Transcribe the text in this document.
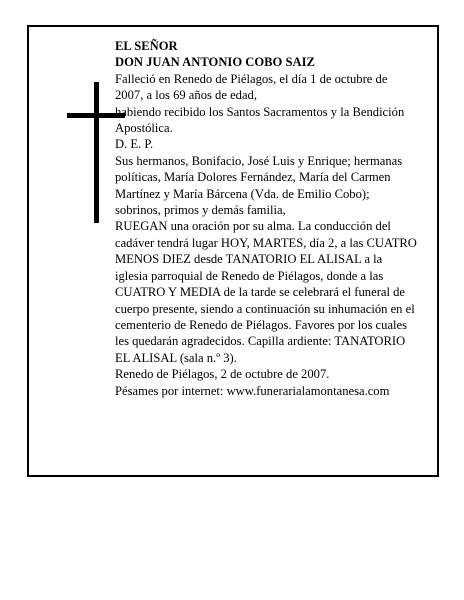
EL SEÑOR

DON JUAN ANTONIO COBO SAIZ

Falleció en Renedo de Piélagos, el día 1 de octubre de 2007, a los 69 años de edad,

habiendo recibido los Santos Sacramentos y la Bendición Apostólica.

D. E. P.

Sus hermanos, Bonifacio, José Luis y Enrique; hermanas políticas, María Dolores Fernández, María del Carmen Martínez y María Bárcena (Vda. de Emilio Cobo); sobrinos, primos y demás familia,

RUEGAN una oración por su alma. La conducción del cadáver tendrá lugar HOY, MARTES, día 2, a las CUATRO MENOS DIEZ desde TANATORIO EL ALISAL a la iglesia parroquial de Renedo de Piélagos, donde a las CUATRO Y MEDIA de la tarde se celebrará el funeral de cuerpo presente, siendo a continuación su inhumación en el cementerio de Renedo de Piélagos. Favores por los cuales les quedarán agradecidos. Capilla ardiente: TANATORIO EL ALISAL (sala n.º 3).

Renedo de Piélagos, 2 de octubre de 2007.

Pésames por internet: www.funerarialamontanesa.com
